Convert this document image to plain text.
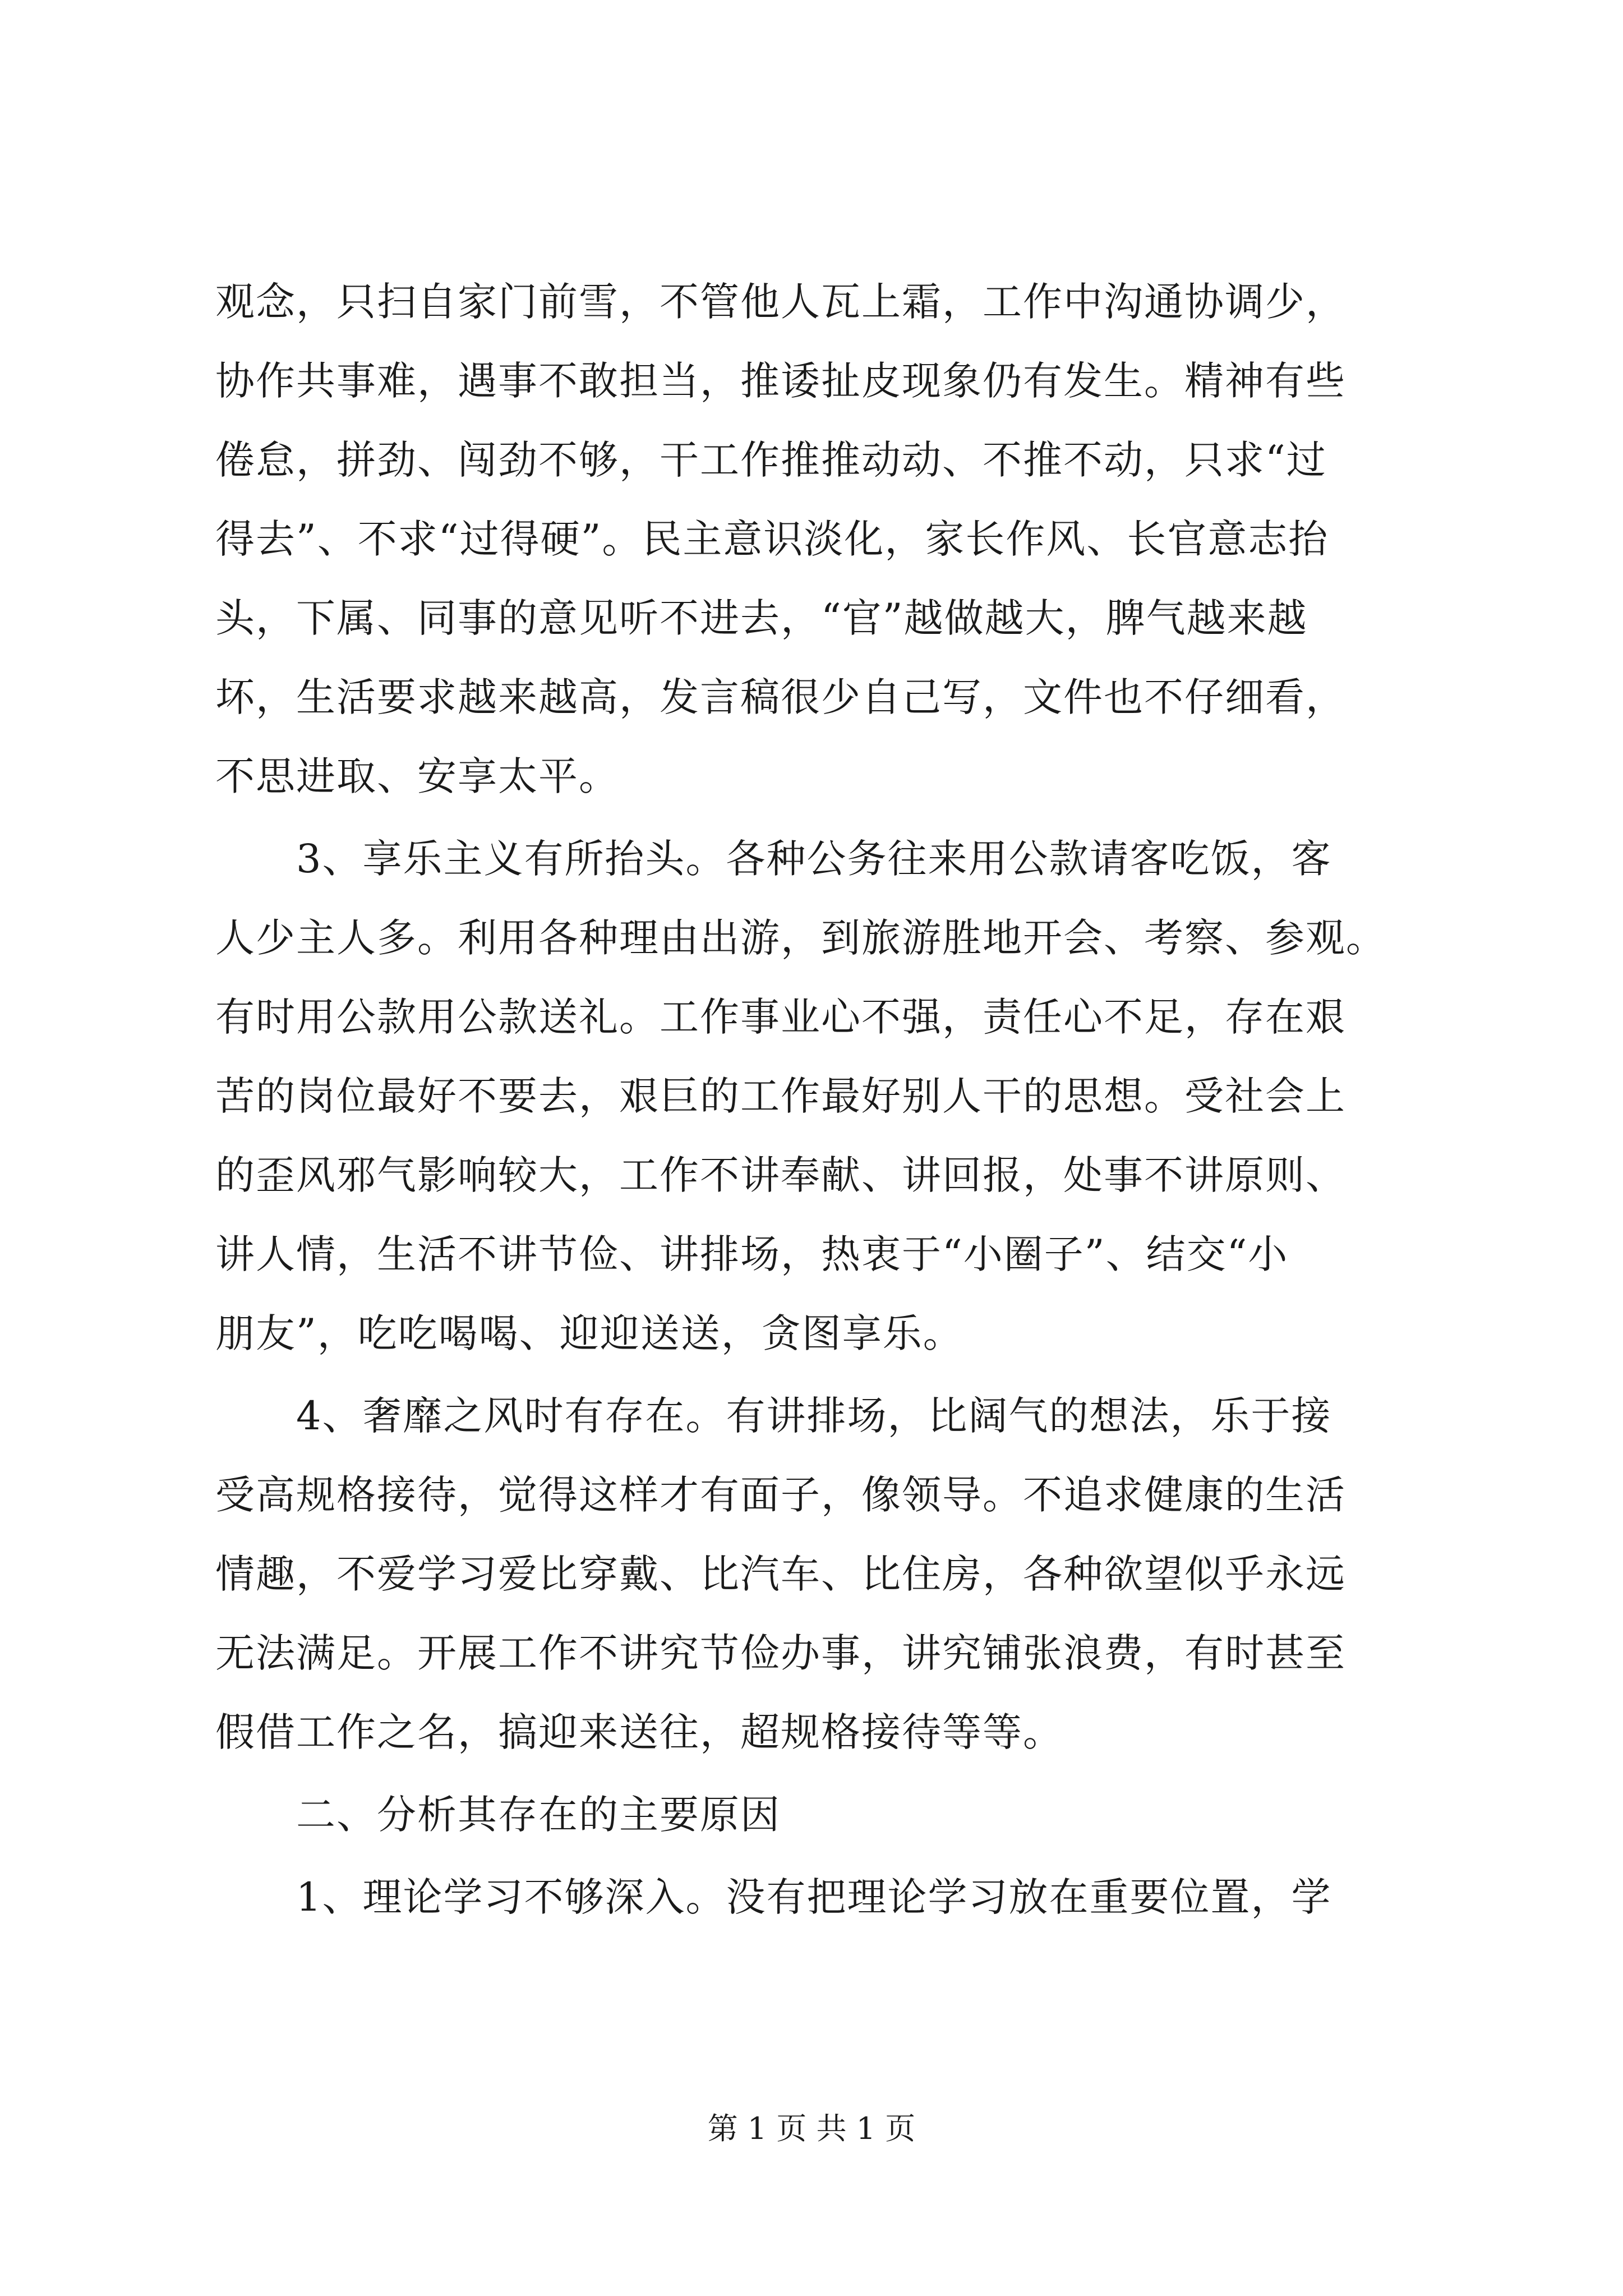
观念，只扫自家门前雪，不管他人瓦上霜，工作中沟通协调少，
协作共事难，遇事不敢担当，推诿扯皮现象仍有发生。精神有些
倦怠，拼劲、闯劲不够，干工作推推动动、不推不动，只求“过
得去”、不求“过得硬”。民主意识淡化，家长作风、长官意志抬
头，下属、同事的意见听不进去，“官”越做越大，脾气越来越
坏，生活要求越来越高，发言稿很少自己写，文件也不仔细看，
不思进取、安享太平。
　　3、享乐主义有所抬头。各种公务往来用公款请客吃饭，客
人少主人多。利用各种理由出游，到旅游胜地开会、考察、参观。
有时用公款用公款送礼。工作事业心不强，责任心不足，存在艰
苦的岗位最好不要去，艰巨的工作最好别人干的思想。受社会上
的歪风邪气影响较大，工作不讲奉献、讲回报，处事不讲原则、
讲人情，生活不讲节俭、讲排场，热衷于“小圈子”、结交“小
朋友”，吃吃喝喝、迎迎送送，贪图享乐。
　　4、奢靡之风时有存在。有讲排场，比阔气的想法，乐于接
受高规格接待，觉得这样才有面子，像领导。不追求健康的生活
情趣，不爱学习爱比穿戴、比汽车、比住房，各种欲望似乎永远
无法满足。开展工作不讲究节俭办事，讲究铺张浪费，有时甚至
假借工作之名，搞迎来送往，超规格接待等等。
　　二、分析其存在的主要原因
　　1、理论学习不够深入。没有把理论学习放在重要位置，学
第 1 页 共 1 页
